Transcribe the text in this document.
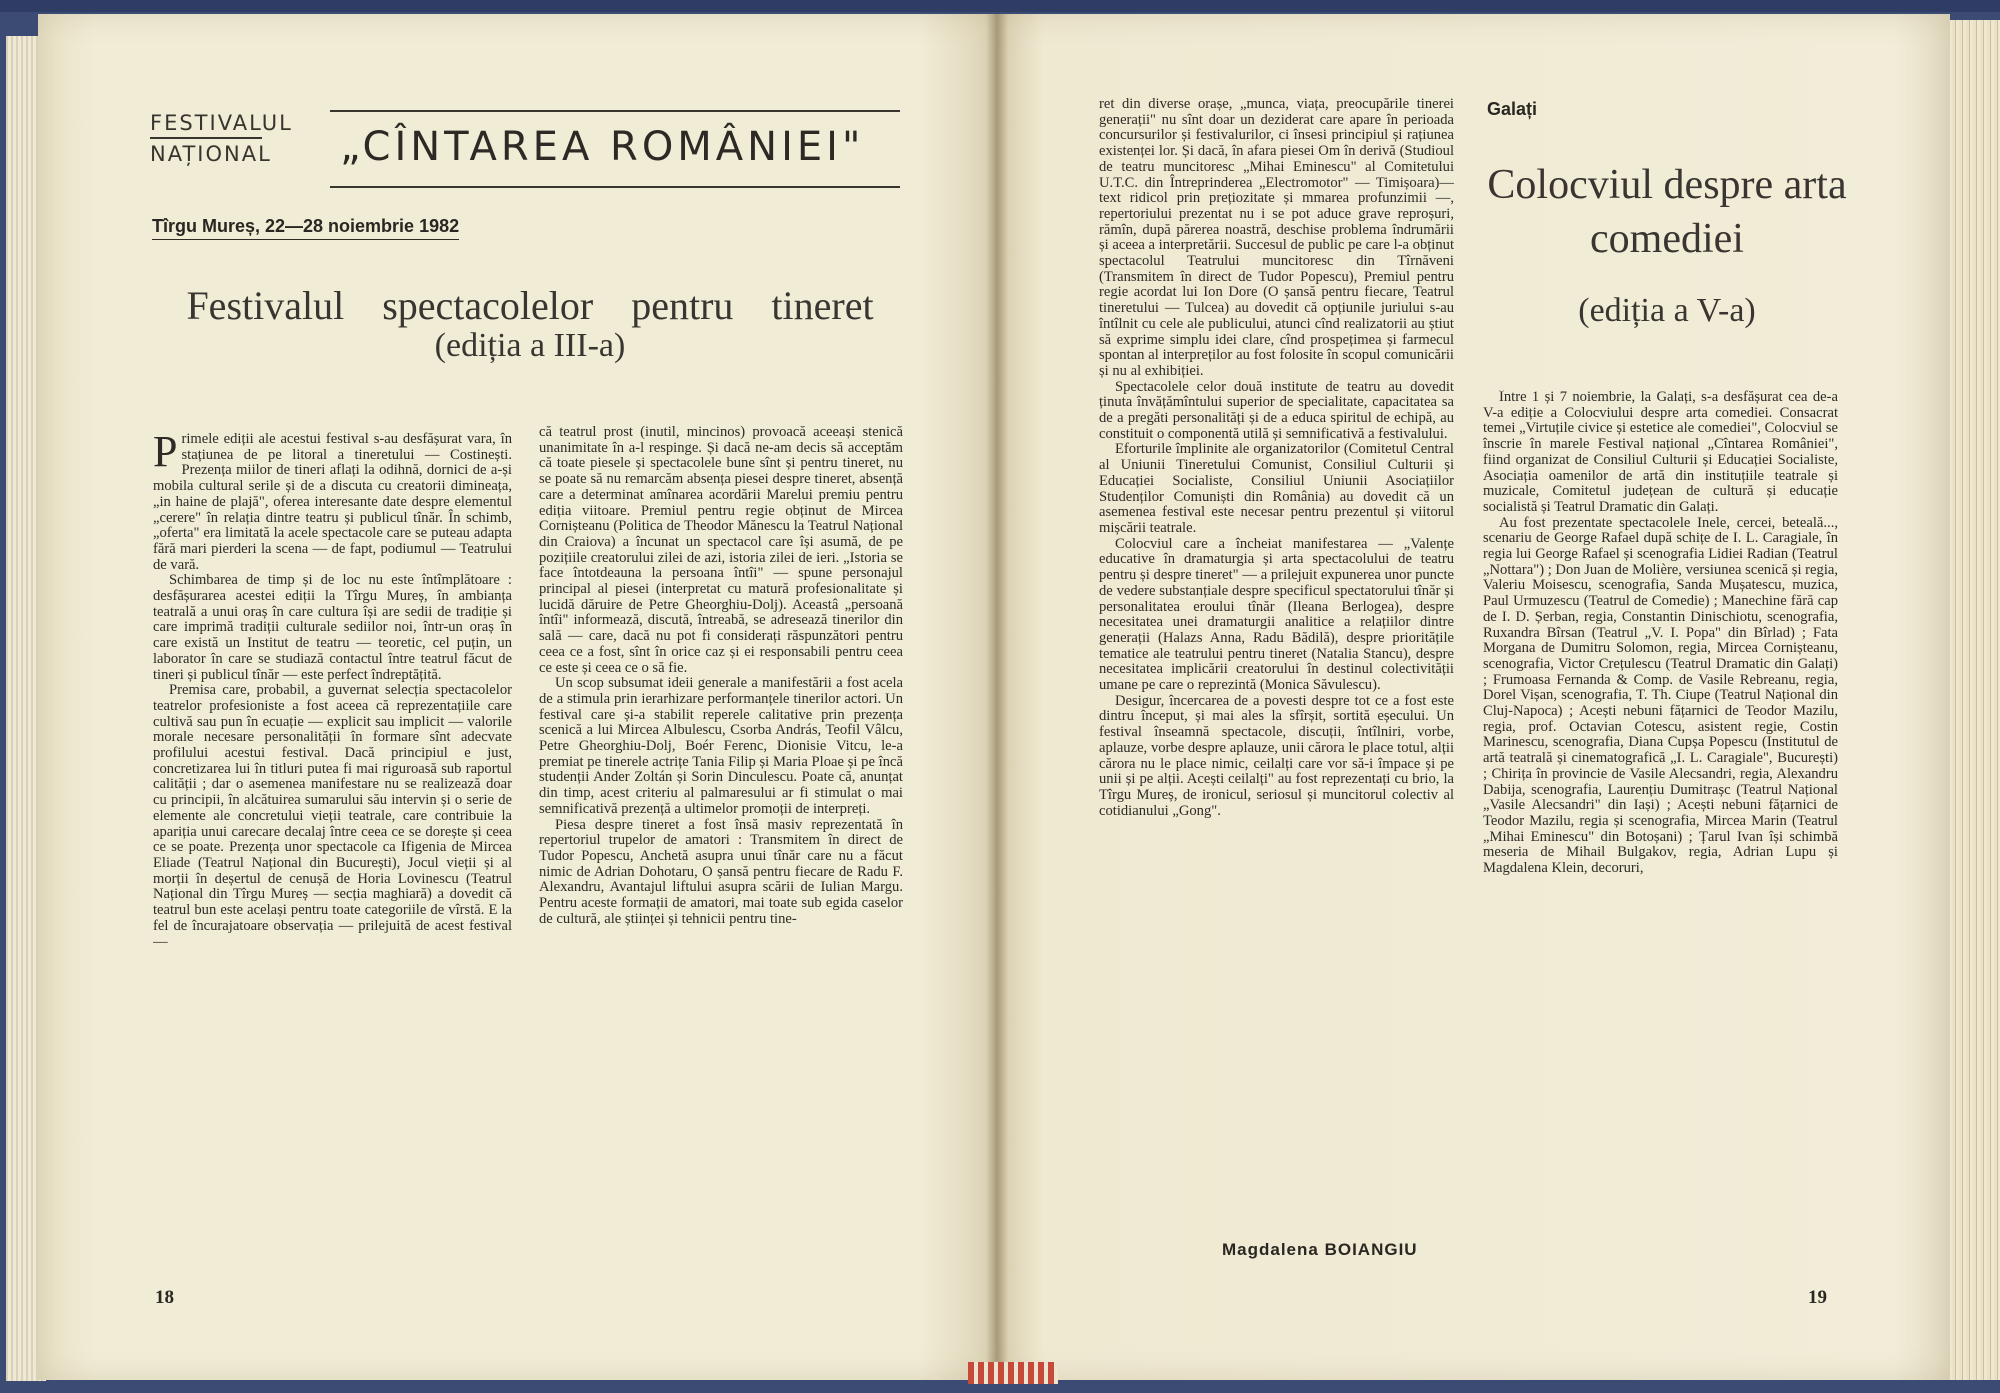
FESTIVALUL
NAȚIONAL	„CÎNTAREA ROMÂNIEI"
Tîrgu Mureș, 22—28 noiembrie 1982
Festivalul spectacolelor pentru tineret
(ediția a III-a)

Primele ediții ale acestui festival s-au desfășurat vara, în stațiunea de pe litoral a tineretului — Costinești. Prezența miilor de tineri aflați la odihnă, dornici de a-și mobila cultural serile și de a discuta cu creatorii dimineața, „in haine de plajă", oferea interesante date despre elementul „cerere" în relația dintre teatru și publicul tînăr. În schimb, „oferta" era limitată la acele spectacole care se puteau adapta fără mari pierderi la scena — de fapt, podiumul — Teatrului de vară.

Schimbarea de timp și de loc nu este întîmplătoare : desfășurarea acestei ediții la Tîrgu Mureș, în ambianța teatrală a unui oraș în care cultura își are sedii de tradiție și care imprimă tradiții culturale sediilor noi, într-un oraș în care există un Institut de teatru — teoretic, cel puțin, un laborator în care se studiază contactul între teatrul făcut de tineri și publicul tînăr — este perfect îndreptățită.

Premisa care, probabil, a guvernat selecția spectacolelor teatrelor profesioniste a fost aceea că reprezentațiile care cultivă sau pun în ecuație — explicit sau implicit — valorile morale necesare personalității în formare sînt adecvate profilului acestui festival. Dacă principiul e just, concretizarea lui în titluri putea fi mai riguroasă sub raportul calității ; dar o asemenea manifestare nu se realizează doar cu principii, în alcătuirea sumarului său intervin și o serie de elemente ale concretului vieții teatrale, care contribuie la apariția unui carecare decalaj între ceea ce se dorește și ceea ce se poate. Prezența unor spectacole ca Ifigenia de Mircea Eliade (Teatrul Național din București), Jocul vieții și al morții în deșertul de cenușă de Horia Lovinescu (Teatrul Național din Tîrgu Mureș — secția maghiară) a dovedit că teatrul bun este același pentru toate categoriile de vîrstă. E la fel de încurajatoare observația — prilejuită de acest festival —

că teatrul prost (inutil, mincinos) provoacă aceeași stenică unanimitate în a-l respinge. Și dacă ne-am decis să acceptăm că toate piesele și spectacolele bune sînt și pentru tineret, nu se poate să nu remarcăm absența piesei despre tineret, absență care a determinat amînarea acordării Marelui premiu pentru ediția viitoare. Premiul pentru regie obținut de Mircea Cornișteanu (Politica de Theodor Mănescu la Teatrul Național din Craiova) a încunat un spectacol care își asumă, de pe pozițiile creatorului zilei de azi, istoria zilei de ieri. „Istoria se face întotdeauna la persoana întîi" — spune personajul principal al piesei (interpretat cu matură profesionalitate și lucidă dăruire de Petre Gheorghiu-Dolj). Aceastâ „persoană întîi" informează, discută, întreabă, se adresează tinerilor din sală — care, dacă nu pot fi considerați răspunzători pentru ceea ce a fost, sînt în orice caz și ei responsabili pentru ceea ce este și ceea ce o să fie.

Un scop subsumat ideii generale a manifestării a fost acela de a stimula prin ierarhizare performanțele tinerilor actori. Un festival care și-a stabilit reperele calitative prin prezența scenică a lui Mircea Albulescu, Csorba András, Teofil Vâlcu, Petre Gheorghiu-Dolj, Boér Ferenc, Dionisie Vitcu, le-a premiat pe tinerele actrițe Tania Filip și Maria Ploae și pe încă studenții Ander Zoltán și Sorin Dinculescu. Poate că, anunțat din timp, acest criteriu al palmaresului ar fi stimulat o mai semnificativă prezență a ultimelor promoții de interpreți.

Piesa despre tineret a fost însă masiv reprezentată în repertoriul trupelor de amatori : Transmitem în direct de Tudor Popescu, Anchetă asupra unui tînăr care nu a făcut nimic de Adrian Dohotaru, O șansă pentru fiecare de Radu F. Alexandru, Avantajul liftului asupra scării de Iulian Margu. Pentru aceste formații de amatori, mai toate sub egida caselor de cultură, ale științei și tehnicii pentru tine-

18

ret din diverse orașe, „munca, viața, preocupările tinerei generații" nu sînt doar un deziderat care apare în perioada concursurilor și festivalurilor, ci însesi principiul și rațiunea existenței lor. Și dacă, în afara piesei Om în derivă (Studioul de teatru muncitoresc „Mihai Eminescu" al Comitetului U.T.C. din Întreprinderea „Electromotor" — Timișoara)— text ridicol prin prețiozitate și mmarea profunzimii —, repertoriului prezentat nu i se pot aduce grave reproșuri, rămîn, după părerea noastră, deschise problema îndrumării și aceea a interpretării. Succesul de public pe care l-a obținut spectacolul Teatrului muncitoresc din Tîrnăveni (Transmitem în direct de Tudor Popescu), Premiul pentru regie acordat lui Ion Dore (O șansă pentru fiecare, Teatrul tineretului — Tulcea) au dovedit că opțiunile juriului s-au întîlnit cu cele ale publicului, atunci cînd realizatorii au știut să exprime simplu idei clare, cînd prospețimea și farmecul spontan al interpreților au fost folosite în scopul comunicării și nu al exhibiției.

Spectacolele celor două institute de teatru au dovedit ținuta învățămîntului superior de specialitate, capacitatea sa de a pregăti personalități și de a educa spiritul de echipă, au constituit o componentă utilă și semnificativă a festivalului.

Eforturile împlinite ale organizatorilor (Comitetul Central al Uniunii Tineretului Comunist, Consiliul Culturii și Educației Socialiste, Consiliul Uniunii Asociațiilor Studenților Comuniști din România) au dovedit că un asemenea festival este necesar pentru prezentul și viitorul mișcării teatrale.

Colocviul care a încheiat manifestarea — „Valențe educative în dramaturgia și arta spectacolului de teatru pentru și despre tineret" — a prilejuit expunerea unor puncte de vedere substanțiale despre specificul spectatorului tînăr și personalitatea eroului tînăr (Ileana Berlogea), despre necesitatea unei dramaturgii analitice a relațiilor dintre generații (Halazs Anna, Radu Bădilă), despre prioritățile tematice ale teatrului pentru tineret (Natalia Stancu), despre necesitatea implicării creatorului în destinul colectivității umane pe care o reprezintă (Monica Săvulescu).

Desigur, încercarea de a povesti despre tot ce a fost este dintru început, și mai ales la sfîrșit, sortită eșecului. Un festival înseamnă spectacole, discuții, întîlniri, vorbe, aplauze, vorbe despre aplauze, unii cărora le place totul, alții cărora nu le place nimic, ceilalți care vor să-i împace și pe unii și pe alții. Acești ceilalți" au fost reprezentați cu brio, la Tîrgu Mureș, de ironicul, seriosul și muncitorul colectiv al cotidianului „Gong".

Magdalena BOIANGIU
Galați
Colocviul despre arta comediei
(ediția a V-a)

Între 1 și 7 noiembrie, la Galați, s-a desfășurat cea de-a V-a ediție a Colocviului despre arta comediei. Consacrat temei „Virtuțile civice și estetice ale comediei", Colocviul se înscrie în marele Festival național „Cîntarea României", fiind organizat de Consiliul Culturii și Educației Socialiste, Asociația oamenilor de artă din instituțiile teatrale și muzicale, Comitetul județean de cultură și educație socialistă și Teatrul Dramatic din Galați.

Au fost prezentate spectacolele Inele, cercei, beteală..., scenariu de George Rafael după schițe de I. L. Caragiale, în regia lui George Rafael și scenografia Lidiei Radian (Teatrul „Nottara") ; Don Juan de Molière, versiunea scenică și regia, Valeriu Moisescu, scenografia, Sanda Mușatescu, muzica, Paul Urmuzescu (Teatrul de Comedie) ; Manechine fără cap de I. D. Șerban, regia, Constantin Dinischiotu, scenografia, Ruxandra Bîrsan (Teatrul „V. I. Popa" din Bîrlad) ; Fata Morgana de Dumitru Solomon, regia, Mircea Cornișteanu, scenografia, Victor Crețulescu (Teatrul Dramatic din Galați) ; Frumoasa Fernanda & Comp. de Vasile Rebreanu, regia, Dorel Vișan, scenografia, T. Th. Ciupe (Teatrul Național din Cluj-Napoca) ; Acești nebuni fățarnici de Teodor Mazilu, regia, prof. Octavian Cotescu, asistent regie, Costin Marinescu, scenografia, Diana Cupșa Popescu (Institutul de artă teatrală și cinematografică „I. L. Caragiale", București) ; Chirița în provincie de Vasile Alecsandri, regia, Alexandru Dabija, scenografia, Laurențiu Dumitrașc (Teatrul Național „Vasile Alecsandri" din Iași) ; Acești nebuni fățarnici de Teodor Mazilu, regia și scenografia, Mircea Marin (Teatrul „Mihai Eminescu" din Botoșani) ; Țarul Ivan își schimbă meseria de Mihail Bulgakov, regia, Adrian Lupu și Magdalena Klein, decoruri,

19
